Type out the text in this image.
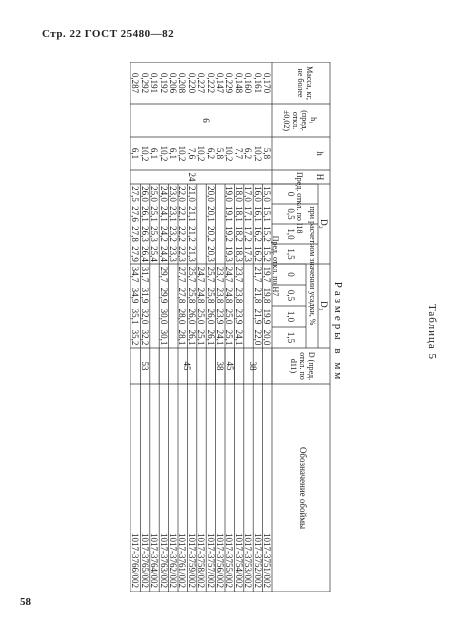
Стр. 22 ГОСТ 25480—82
58
Таблица 5
Размеры в мм
Масса, кг, не более
h₁ (пред. откл. ±0,02)
h
H
Пред. откл. по I18 D₂
D₁
при расчетном значении усадки, %
D (пред. откл. по d11)
Обозначение обоймы
0
0,5
1,0
1,5
0
0,5
1,0
1,5
Пред. откл. по Н7
1017-3751/002
0,170
5,8
19,7
19,8
19,9
20,0
15,0
15,1
15,2
15,2
1017-3752/002
0,161
10,2
21,7
21,8
21,9
22,0
16,0
16,1
16,2
16,2
1017-3753/002
0,160
6,2
17,0
17,1
17,2
17,3
1017-3754/002
0,148
7,7
23,7
23,8
23,9
24,1
18,0
18,1
18,2
18,3
1017-3755/002
0,229
10,2
24,7
24,8
25,0
25,1
19,0
19,1
19,2
19,3
1017-3756/002
0,147
5,8
23,7
23,8
23,9
24,1
1017-3757/002
0,222
6,2
25,7
25,8
26,0
26,1
20,0
20,1
20,2
20,3
1017-3758/002
0,227
10,2
24,7
24,8
25,0
25,1
1017-3759/002
0,220
7,6
25,7
25,8
26,0
26,1
21,0
21,1
21,2
21,3
1017-3761/002
0,208
10,2
27,7
27,8
28,0
28,1
22,0
22,1
22,2
22,3
1017-3762/002
0,206
6,1
23,0
23,1
23,2
23,3
1017-3763/002
0,192
10,2
29,7
29,9
30,0
30,1
24,0
24,1
24,2
24,4
1017-3764/002
0,191
6,1
25,0
25,1
25,3
25,4
1017-3765/002
0,292
10,2
31,7
31,9
32,0
32,2
26,0
26,1
26,3
26,4
1017-3766/002
0,287
6,1
34,7
34,9
35,1
35,2
27,5
27,6
27,8
27,9
38
45
38
45
53
24
6
